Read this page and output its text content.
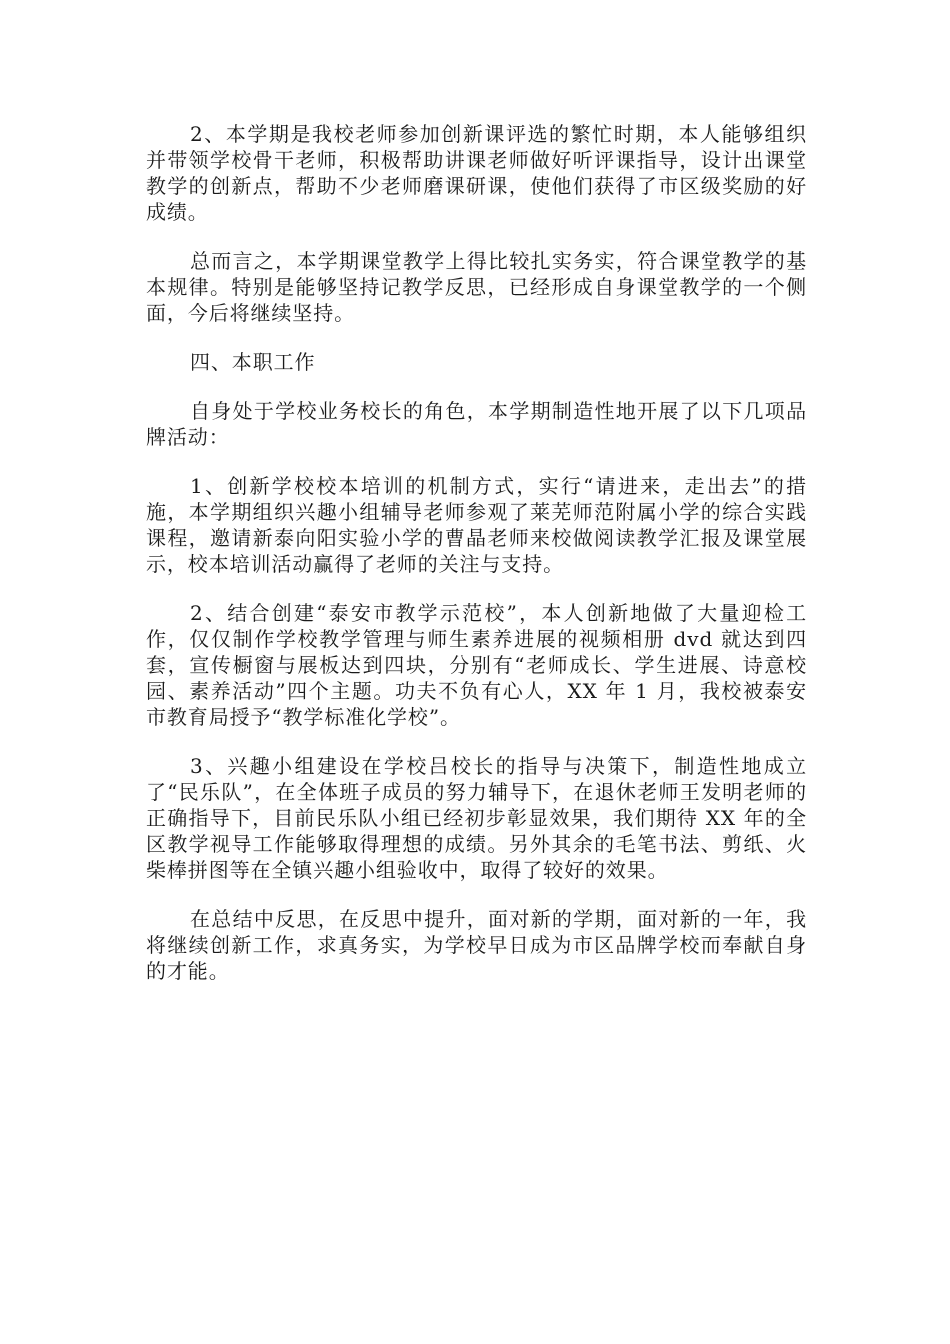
2、本学期是我校老师参加创新课评选的繁忙时期，本人能够组织并带领学校骨干老师，积极帮助讲课老师做好听评课指导，设计出课堂教学的创新点，帮助不少老师磨课研课，使他们获得了市区级奖励的好成绩。

总而言之，本学期课堂教学上得比较扎实务实，符合课堂教学的基本规律。特别是能够坚持记教学反思，已经形成自身课堂教学的一个侧面，今后将继续坚持。

四、本职工作

自身处于学校业务校长的角色，本学期制造性地开展了以下几项品牌活动：

1、创新学校校本培训的机制方式，实行“请进来，走出去”的措施，本学期组织兴趣小组辅导老师参观了莱芜师范附属小学的综合实践课程，邀请新泰向阳实验小学的曹晶老师来校做阅读教学汇报及课堂展示，校本培训活动赢得了老师的关注与支持。

2、结合创建“泰安市教学示范校”，本人创新地做了大量迎检工作，仅仅制作学校教学管理与师生素养进展的视频相册 dvd 就达到四套，宣传橱窗与展板达到四块，分别有“老师成长、学生进展、诗意校园、素养活动”四个主题。功夫不负有心人，XX 年 1 月，我校被泰安市教育局授予“教学标准化学校”。

3、兴趣小组建设在学校吕校长的指导与决策下，制造性地成立了“民乐队”，在全体班子成员的努力辅导下，在退休老师王发明老师的正确指导下，目前民乐队小组已经初步彰显效果，我们期待 XX 年的全区教学视导工作能够取得理想的成绩。另外其余的毛笔书法、剪纸、火柴棒拼图等在全镇兴趣小组验收中，取得了较好的效果。

在总结中反思，在反思中提升，面对新的学期，面对新的一年，我将继续创新工作，求真务实，为学校早日成为市区品牌学校而奉献自身的才能。
